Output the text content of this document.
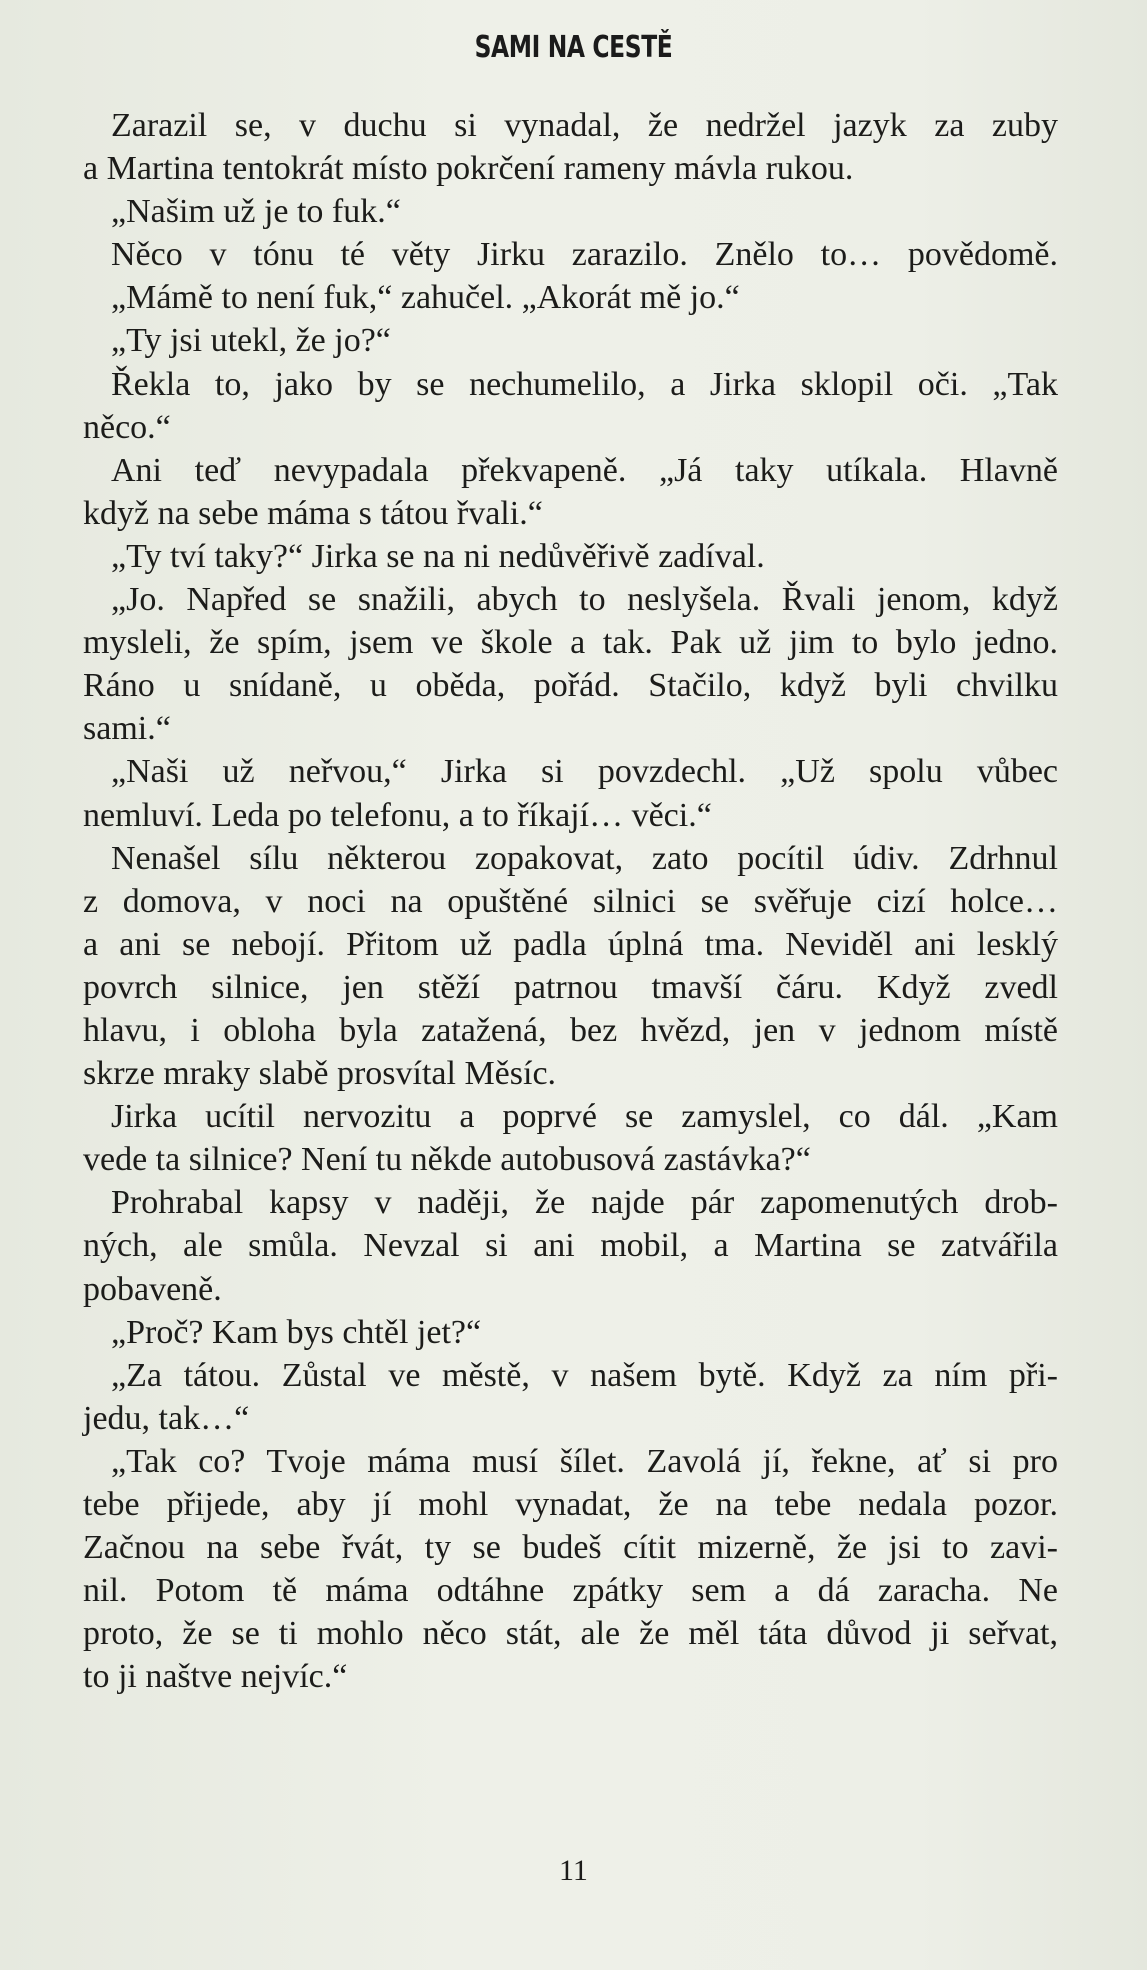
SAMI NA CESTĚ
Zarazil se, v duchu si vynadal, že nedržel jazyk za zuby
a Martina tentokrát místo pokrčení rameny mávla rukou.
„Našim už je to fuk.“
Něco v tónu té věty Jirku zarazilo. Znělo to… povědomě.
„Mámě to není fuk,“ zahučel. „Akorát mě jo.“
„Ty jsi utekl, že jo?“
Řekla to, jako by se nechumelilo, a Jirka sklopil oči. „Tak
něco.“
Ani teď nevypadala překvapeně. „Já taky utíkala. Hlavně
když na sebe máma s tátou řvali.“
„Ty tví taky?“ Jirka se na ni nedůvěřivě zadíval.
„Jo. Napřed se snažili, abych to neslyšela. Řvali jenom, když
mysleli, že spím, jsem ve škole a tak. Pak už jim to bylo jedno.
Ráno u snídaně, u oběda, pořád. Stačilo, když byli chvilku
sami.“
„Naši už neřvou,“ Jirka si povzdechl. „Už spolu vůbec
nemluví. Leda po telefonu, a to říkají… věci.“
Nenašel sílu některou zopakovat, zato pocítil údiv. Zdrhnul
z domova, v noci na opuštěné silnici se svěřuje cizí holce…
a ani se nebojí. Přitom už padla úplná tma. Neviděl ani lesklý
povrch silnice, jen stěží patrnou tmavší čáru. Když zvedl
hlavu, i obloha byla zatažená, bez hvězd, jen v jednom místě
skrze mraky slabě prosvítal Měsíc.
Jirka ucítil nervozitu a poprvé se zamyslel, co dál. „Kam
vede ta silnice? Není tu někde autobusová zastávka?“
Prohrabal kapsy v naději, že najde pár zapomenutých drob-
ných, ale smůla. Nevzal si ani mobil, a Martina se zatvářila
pobaveně.
„Proč? Kam bys chtěl jet?“
„Za tátou. Zůstal ve městě, v našem bytě. Když za ním při-
jedu, tak…“
„Tak co? Tvoje máma musí šílet. Zavolá jí, řekne, ať si pro
tebe přijede, aby jí mohl vynadat, že na tebe nedala pozor.
Začnou na sebe řvát, ty se budeš cítit mizerně, že jsi to zavi-
nil. Potom tě máma odtáhne zpátky sem a dá zaracha. Ne
proto, že se ti mohlo něco stát, ale že měl táta důvod ji seřvat,
to ji naštve nejvíc.“
11
